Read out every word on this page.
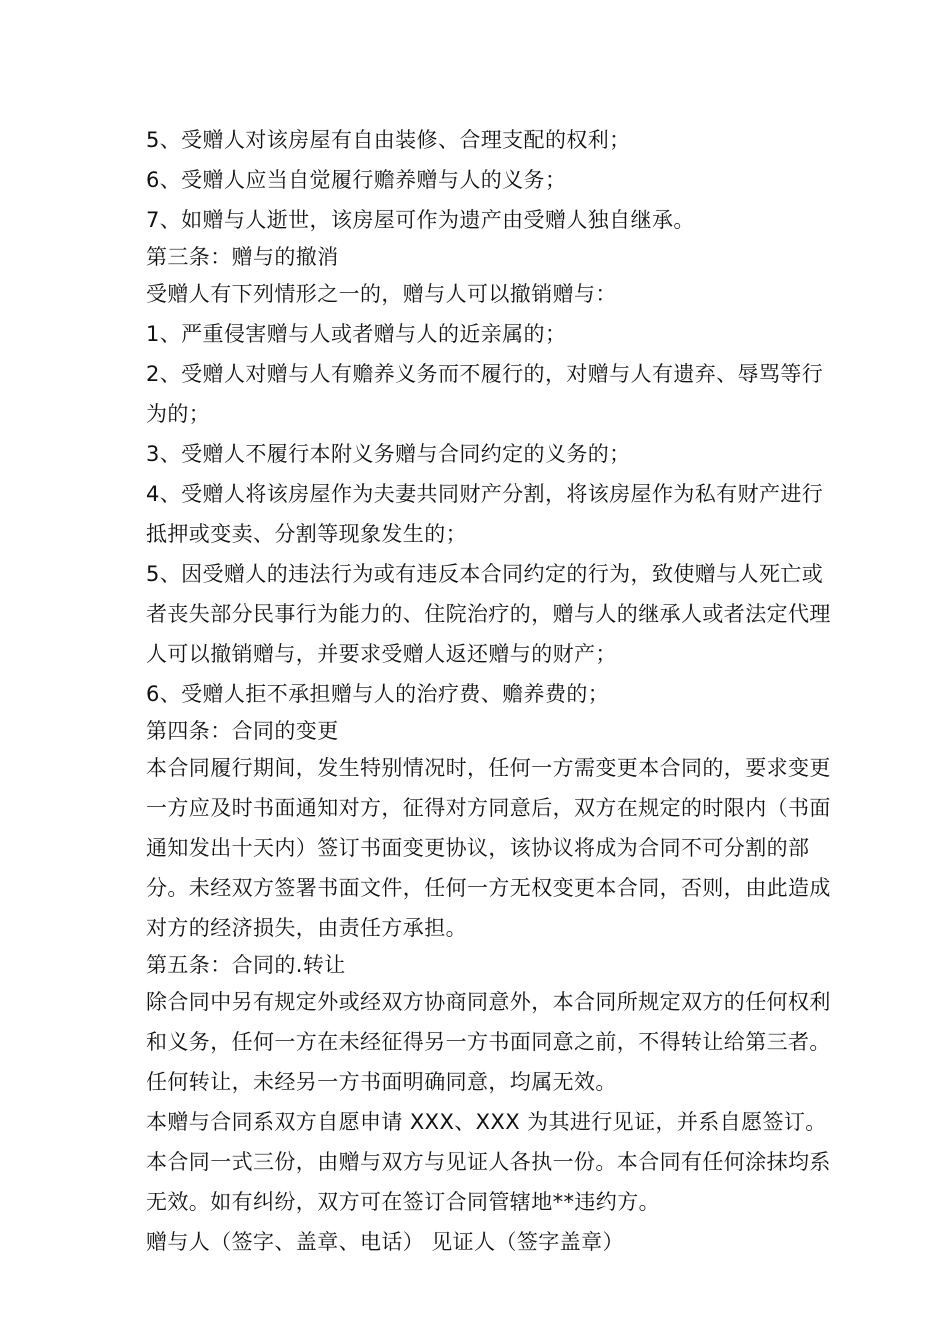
5、受赠人对该房屋有自由装修、合理支配的权利；

6、受赠人应当自觉履行赡养赠与人的义务；

7、如赠与人逝世，该房屋可作为遗产由受赠人独自继承。

第三条：赠与的撤消

受赠人有下列情形之一的，赠与人可以撤销赠与：

1、严重侵害赠与人或者赠与人的近亲属的；

2、受赠人对赠与人有赡养义务而不履行的，对赠与人有遗弃、辱骂等行为的；

3、受赠人不履行本附义务赠与合同约定的义务的；

4、受赠人将该房屋作为夫妻共同财产分割，将该房屋作为私有财产进行抵押或变卖、分割等现象发生的；

5、因受赠人的违法行为或有违反本合同约定的行为，致使赠与人死亡或者丧失部分民事行为能力的、住院治疗的，赠与人的继承人或者法定代理人可以撤销赠与，并要求受赠人返还赠与的财产；

6、受赠人拒不承担赠与人的治疗费、赡养费的；

第四条：合同的变更

本合同履行期间，发生特别情况时，任何一方需变更本合同的，要求变更一方应及时书面通知对方，征得对方同意后，双方在规定的时限内（书面通知发出十天内）签订书面变更协议，该协议将成为合同不可分割的部分。未经双方签署书面文件，任何一方无权变更本合同，否则，由此造成对方的经济损失，由责任方承担。

第五条：合同的.转让

除合同中另有规定外或经双方协商同意外，本合同所规定双方的任何权利和义务，任何一方在未经征得另一方书面同意之前，不得转让给第三者。任何转让，未经另一方书面明确同意，均属无效。

本赠与合同系双方自愿申请 XXX、XXX 为其进行见证，并系自愿签订。

本合同一式三份，由赠与双方与见证人各执一份。本合同有任何涂抹均系无效。如有纠纷，双方可在签订合同管辖地**违约方。

赠与人（签字、盖章、电话） 见证人（签字盖章）
